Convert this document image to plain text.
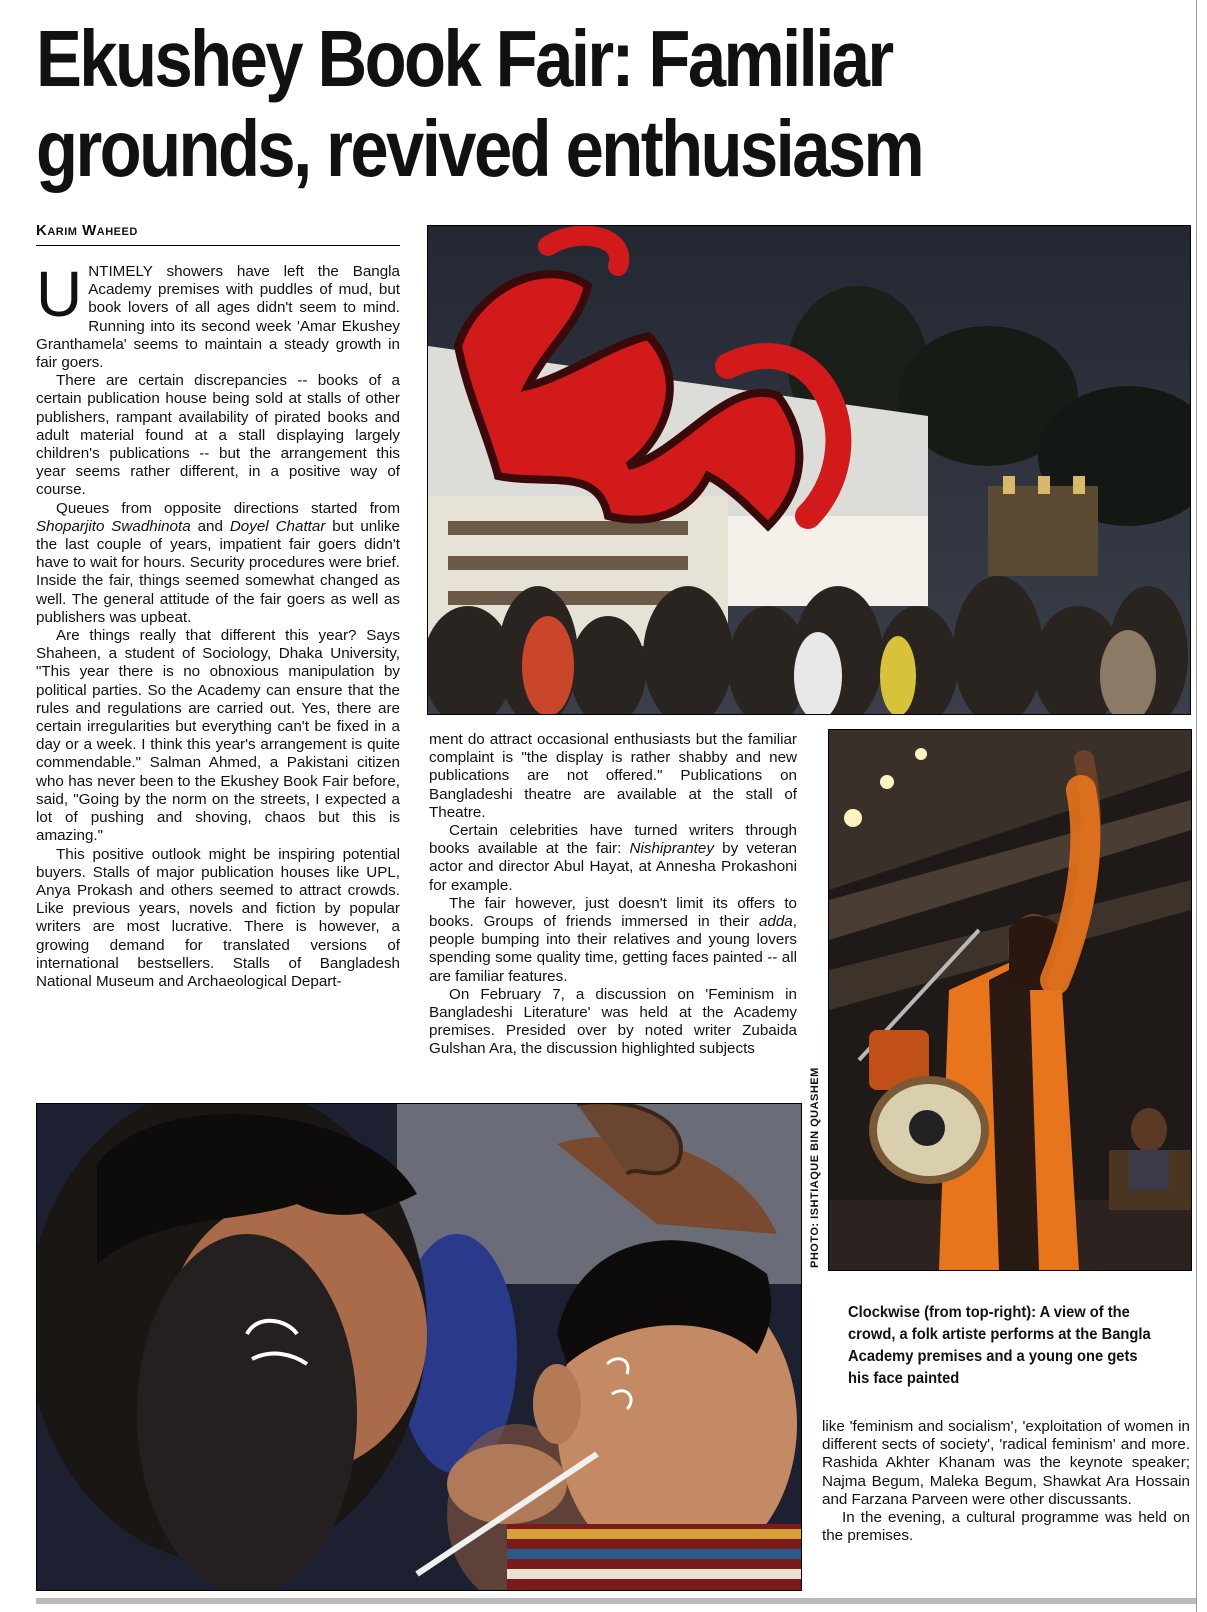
Ekushey Book Fair: Familiar
grounds, revived enthusiasm
Karim Waheed

UNTIMELY showers have left the Bangla Academy premises with puddles of mud, but book lovers of all ages didn't seem to mind. Running into its second week 'Amar Ekushey Granthamela' seems to maintain a steady growth in fair goers.

There are certain discrepancies -- books of a certain publication house being sold at stalls of other publishers, rampant availability of pirated books and adult material found at a stall displaying largely children's publications -- but the arrangement this year seems rather different, in a positive way of course.

Queues from opposite directions started from Shoparjito Swadhinota and Doyel Chattar but unlike the last couple of years, impatient fair goers didn't have to wait for hours. Security procedures were brief. Inside the fair, things seemed somewhat changed as well. The general attitude of the fair goers as well as publishers was upbeat.

Are things really that different this year? Says Shaheen, a student of Sociology, Dhaka University, "This year there is no obnoxious manipulation by political parties. So the Academy can ensure that the rules and regulations are carried out. Yes, there are certain irregularities but everything can't be fixed in a day or a week. I think this year's arrangement is quite commendable." Salman Ahmed, a Pakistani citizen who has never been to the Ekushey Book Fair before, said, "Going by the norm on the streets, I expected a lot of pushing and shoving, chaos but this is amazing."

This positive outlook might be inspiring potential buyers. Stalls of major publication houses like UPL, Anya Prokash and others seemed to attract crowds. Like previous years, novels and fiction by popular writers are most lucrative. There is however, a growing demand for translated versions of international bestsellers. Stalls of Bangladesh National Museum and Archaeological Depart-

ment do attract occasional enthusiasts but the familiar complaint is "the display is rather shabby and new publications are not offered." Publications on Bangladeshi theatre are available at the stall of Theatre.

Certain celebrities have turned writers through books available at the fair: Nishiprantey by veteran actor and director Abul Hayat, at Annesha Prokashoni for example.

The fair however, just doesn't limit its offers to books. Groups of friends immersed in their adda, people bumping into their relatives and young lovers spending some quality time, getting faces painted -- all are familiar features.

On February 7, a discussion on 'Feminism in Bangladeshi Literature' was held at the Academy premises. Presided over by noted writer Zubaida Gulshan Ara, the discussion highlighted subjects

like 'feminism and socialism', 'exploitation of women in different sects of society', 'radical feminism' and more. Rashida Akhter Khanam was the keynote speaker; Najma Begum, Maleka Begum, Shawkat Ara Hossain and Farzana Parveen were other discussants.

In the evening, a cultural programme was held on the premises.

PHOTO: ISHTIAQUE BIN QUASHEM
Clockwise (from top-right): A view of the crowd, a folk artiste performs at the Bangla Academy premises and a young one gets his face painted
